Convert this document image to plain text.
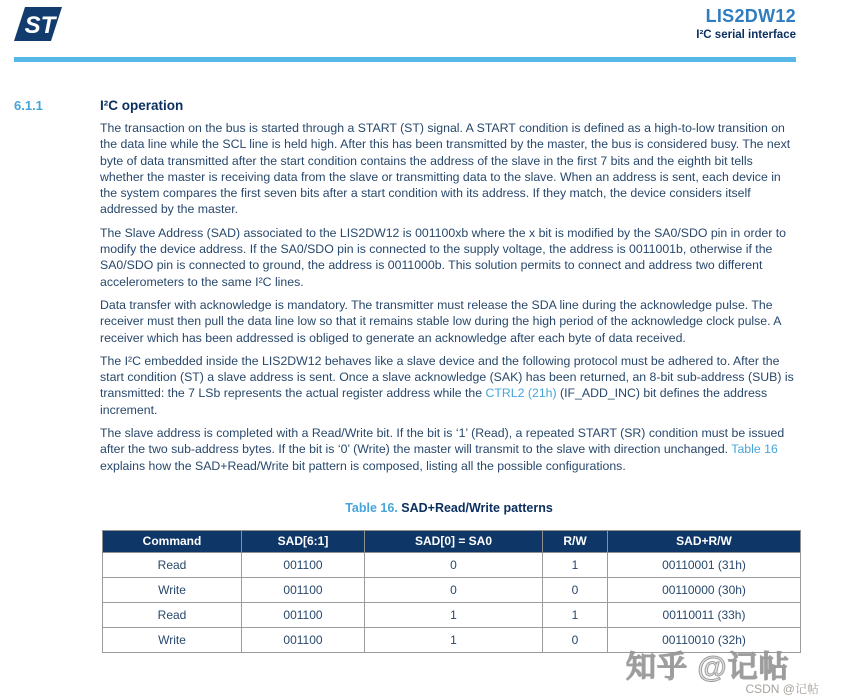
ST	LIS2DW12
I²C serial interface
6.1.1	I²C operation

The transaction on the bus is started through a START (ST) signal. A START condition is defined as a high-to-low transition on the data line while the SCL line is held high. After this has been transmitted by the master, the bus is considered busy. The next byte of data transmitted after the start condition contains the address of the slave in the first 7 bits and the eighth bit tells whether the master is receiving data from the slave or transmitting data to the slave. When an address is sent, each device in the system compares the first seven bits after a start condition with its address. If they match, the device considers itself addressed by the master.

The Slave Address (SAD) associated to the LIS2DW12 is 001100xb where the x bit is modified by the SA0/SDO pin in order to modify the device address. If the SA0/SDO pin is connected to the supply voltage, the address is 0011001b, otherwise if the SA0/SDO pin is connected to ground, the address is 0011000b. This solution permits to connect and address two different accelerometers to the same I²C lines.

Data transfer with acknowledge is mandatory. The transmitter must release the SDA line during the acknowledge pulse. The receiver must then pull the data line low so that it remains stable low during the high period of the acknowledge clock pulse. A receiver which has been addressed is obliged to generate an acknowledge after each byte of data received.

The I²C embedded inside the LIS2DW12 behaves like a slave device and the following protocol must be adhered to. After the start condition (ST) a slave address is sent. Once a slave acknowledge (SAK) has been returned, an 8-bit sub-address (SUB) is transmitted: the 7 LSb represents the actual register address while the CTRL2 (21h) (IF_ADD_INC) bit defines the address increment.

The slave address is completed with a Read/Write bit. If the bit is ‘1’ (Read), a repeated START (SR) condition must be issued after the two sub-address bytes. If the bit is ‘0’ (Write) the master will transmit to the slave with direction unchanged. Table 16 explains how the SAD+Read/Write bit pattern is composed, listing all the possible configurations.

Table 16. SAD+Read/Write patterns
Command	SAD[6:1]	SAD[0] = SA0	R/W	SAD+R/W
Read	001100	0	1	00110001 (31h)
Write	001100	0	0	00110000 (30h)
Read	001100	1	1	00110011 (33h)
Write	001100	1	0	00110010 (32h)
知乎 @记帖
CSDN @记帖
